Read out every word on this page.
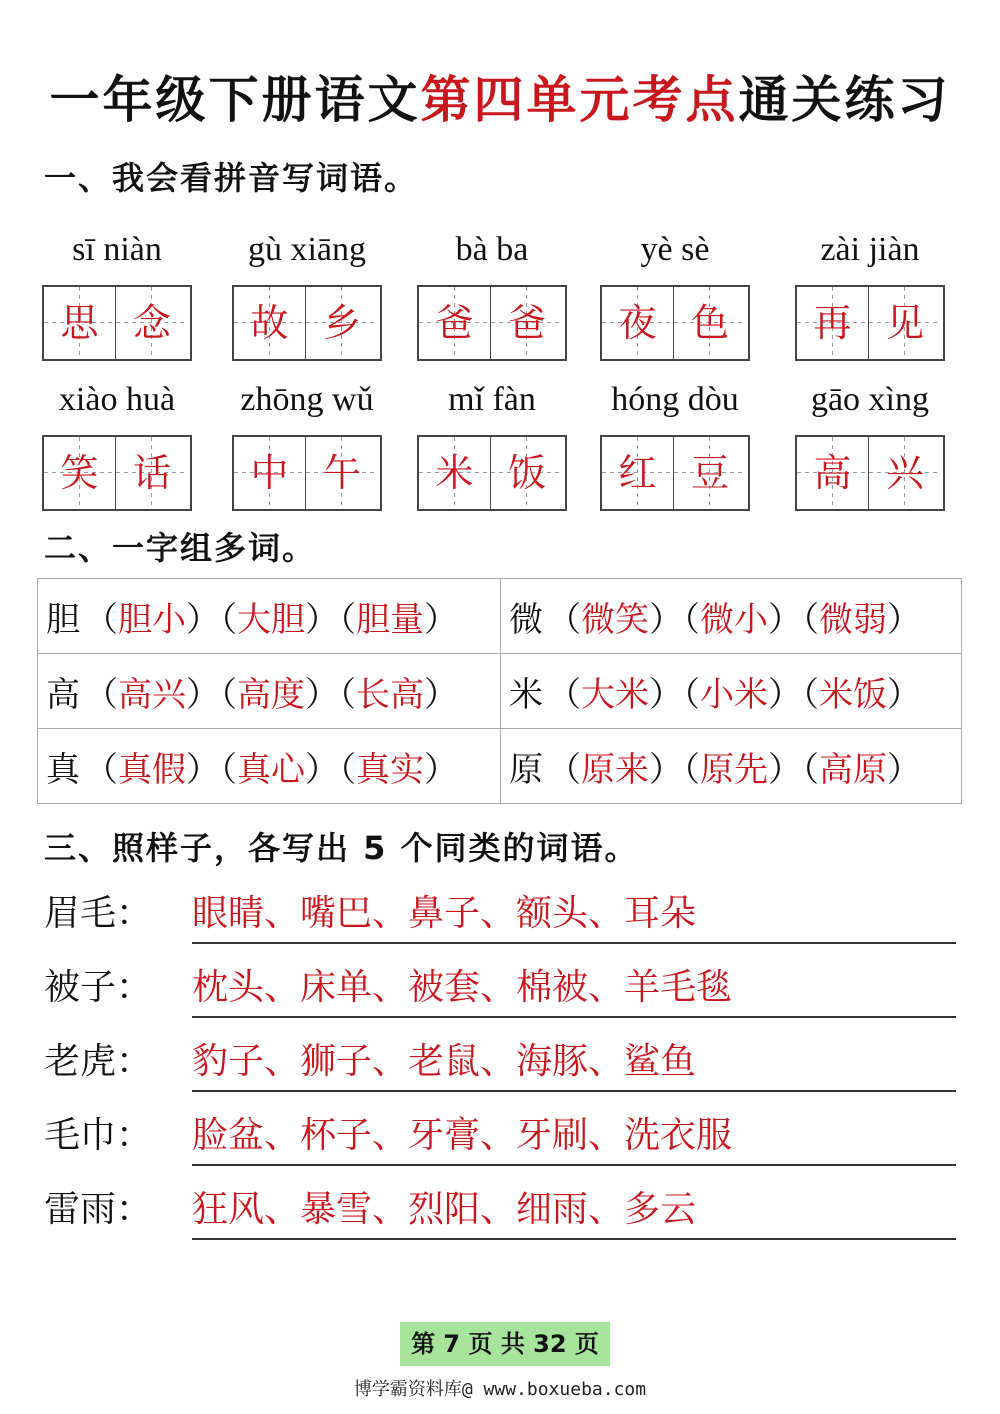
一年级下册语文第四单元考点通关练习
一、我会看拼音写词语。
sī niàn
思 念
gù xiāng
故 乡
bà ba
爸 爸
yè sè
夜 色
zài jiàn
再 见
xiào huà
笑 话
zhōng wǔ
中 午
mǐ fàn
米 饭
hóng dòu
红 豆
gāo xìng
高 兴
二、一字组多词。
胆 （胆小）（大胆）（胆量）	微 （微笑）（微小）（微弱）
高 （高兴）（高度）（长高）	米 （大米）（小米）（米饭）
真 （真假）（真心）（真实）	原 （原来）（原先）（高原）
三、照样子，各写出 5 个同类的词语。
眉毛： 眼睛、嘴巴、鼻子、额头、耳朵
被子： 枕头、床单、被套、棉被、羊毛毯
老虎： 豹子、狮子、老鼠、海豚、鲨鱼
毛巾： 脸盆、杯子、牙膏、牙刷、洗衣服
雷雨： 狂风、暴雪、烈阳、细雨、多云
第 7 页 共 32 页
博学霸资料库@ www.boxueba.com
